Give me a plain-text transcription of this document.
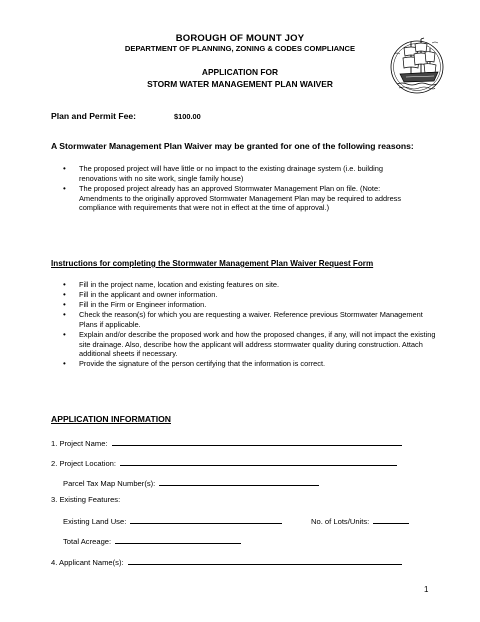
BOROUGH OF MOUNT JOY
DEPARTMENT OF PLANNING, ZONING & CODES COMPLIANCE
APPLICATION FOR
STORM WATER MANAGEMENT PLAN WAIVER
Plan and Permit Fee:	$100.00
A Stormwater Management Plan Waiver may be granted for one of the following reasons:
• The proposed project will have little or no impact to the existing drainage system (i.e. building renovations with no site work, single family house)
• The proposed project already has an approved Stormwater Management Plan on file. (Note: Amendments to the originally approved Stormwater Management Plan may be required to address compliance with requirements that were not in effect at the time of approval.)
Instructions for completing the Stormwater Management Plan Waiver Request Form
• Fill in the project name, location and existing features on site.
• Fill in the applicant and owner information.
• Fill in the Firm or Engineer information.
• Check the reason(s) for which you are requesting a waiver. Reference previous Stormwater Management Plans if applicable.
• Explain and/or describe the proposed work and how the proposed changes, if any, will not impact the existing site drainage. Also, describe how the applicant will address stormwater quality during construction. Attach additional sheets if necessary.
• Provide the signature of the person certifying that the information is correct.
APPLICATION INFORMATION
1. Project Name:
2. Project Location:
Parcel Tax Map Number(s):
3. Existing Features:
Existing Land Use:	No. of Lots/Units:
Total Acreage:
4. Applicant Name(s):
1
